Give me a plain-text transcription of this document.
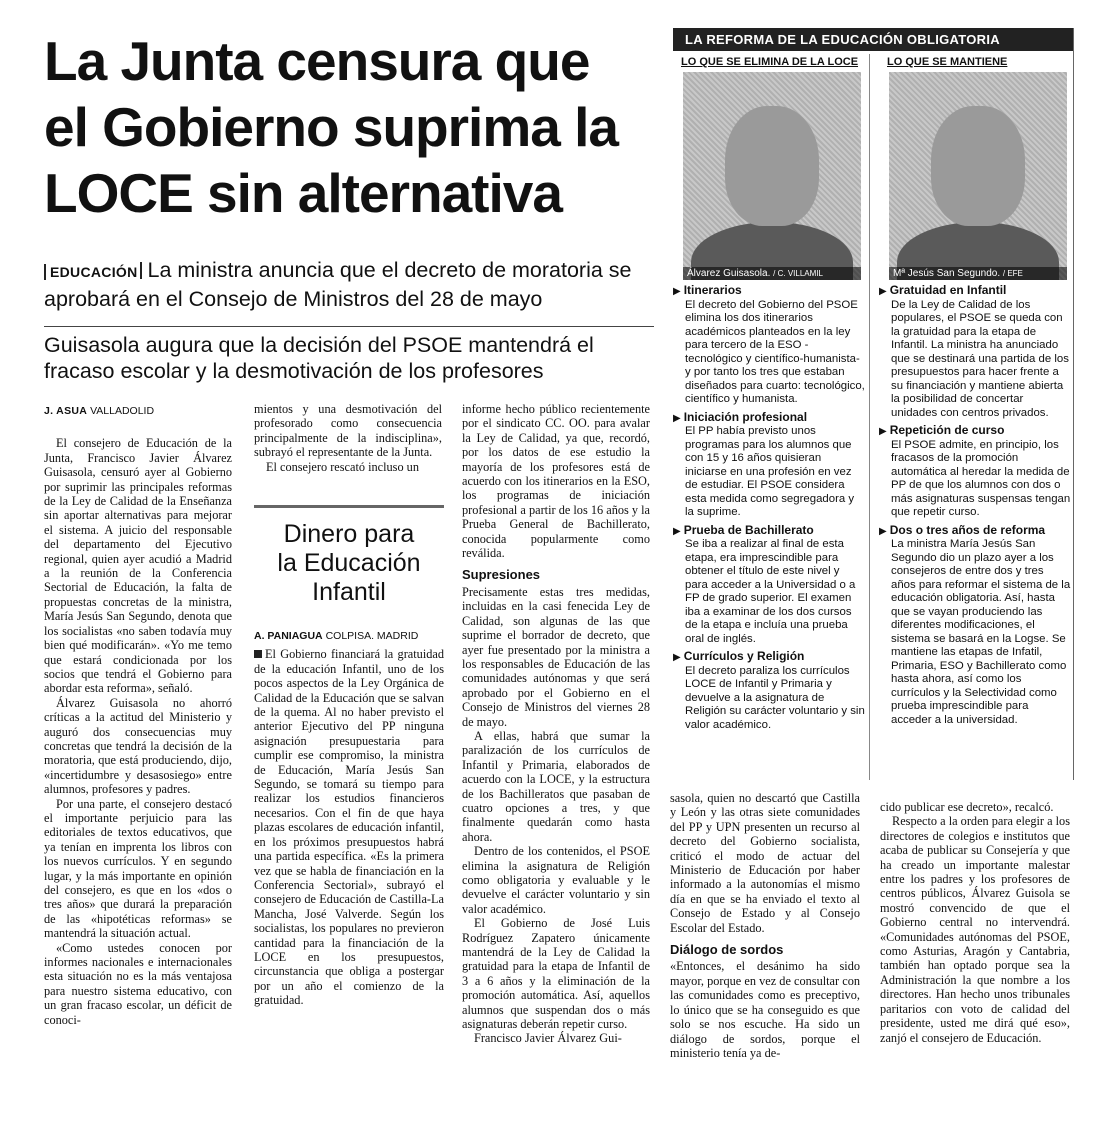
La Junta censura que
el Gobierno suprima la
LOCE sin alternativa
EDUCACIÓN La ministra anuncia que el decreto de moratoria se aprobará en el Consejo de Ministros del 28 de mayo
Guisasola augura que la decisión del PSOE mantendrá el fracaso escolar y la desmotivación de los profesores
J. ASUA VALLADOLID

El consejero de Educación de la Junta, Francisco Javier Álvarez Guisasola, censuró ayer al Gobierno por suprimir las principales reformas de la Ley de Calidad de la Enseñanza sin aportar alternativas para mejorar el sistema. A juicio del responsable del departamento del Ejecutivo regional, quien ayer acudió a Madrid a la reunión de la Conferencia Sectorial de Educación, la falta de propuestas concretas de la ministra, María Jesús San Segundo, denota que los socialistas «no saben todavía muy bien qué modificarán». «Yo me temo que estará condicionada por los socios que tendrá el Gobierno para abordar esta reforma», señaló.

Álvarez Guisasola no ahorró críticas a la actitud del Ministerio y auguró dos consecuencias muy concretas que tendrá la decisión de la moratoria, que está produciendo, dijo, «incertidumbre y desasosiego» entre alumnos, profesores y padres.

Por una parte, el consejero destacó el importante perjuicio para las editoriales de textos educativos, que ya tenían en imprenta los libros con los nuevos currículos. Y en segundo lugar, y la más importante en opinión del consejero, es que en los «dos o tres años» que durará la preparación de las «hipotéticas reformas» se mantendrá la situación actual.

«Como ustedes conocen por informes nacionales e internacionales esta situación no es la más ventajosa para nuestro sistema educativo, con un gran fracaso escolar, un déficit de conoci-

mientos y una desmotivación del profesorado como consecuencia principalmente de la indisciplina», subrayó el representante de la Junta.

El consejero rescató incluso un

Dinero para
la Educación
Infantil
A. PANIAGUA COLPISA. MADRID

El Gobierno financiará la gratuidad de la educación Infantil, uno de los pocos aspectos de la Ley Orgánica de Calidad de la Educación que se salvan de la quema. Al no haber previsto el anterior Ejecutivo del PP ninguna asignación presupuestaria para cumplir ese compromiso, la ministra de Educación, María Jesús San Segundo, se tomará su tiempo para realizar los estudios financieros necesarios. Con el fin de que haya plazas escolares de educación infantil, en los próximos presupuestos habrá una partida específica. «Es la primera vez que se habla de financiación en la Conferencia Sectorial», subrayó el consejero de Educación de Castilla-La Mancha, José Valverde. Según los socialistas, los populares no previeron cantidad para la financiación de la LOCE en los presupuestos, circunstancia que obliga a postergar por un año el comienzo de la gratuidad.

informe hecho público recientemente por el sindicato CC. OO. para avalar la Ley de Calidad, ya que, recordó, por los datos de ese estudio la mayoría de los profesores está de acuerdo con los itinerarios en la ESO, los programas de iniciación profesional a partir de los 16 años y la Prueba General de Bachillerato, conocida popularmente como reválida.

Supresiones

Precisamente estas tres medidas, incluidas en la casi fenecida Ley de Calidad, son algunas de las que suprime el borrador de decreto, que ayer fue presentado por la ministra a los responsables de Educación de las comunidades autónomas y que será aprobado por el Gobierno en el Consejo de Ministros del viernes 28 de mayo.

A ellas, habrá que sumar la paralización de los currículos de Infantil y Primaria, elaborados de acuerdo con la LOCE, y la estructura de los Bachilleratos que pasaban de cuatro opciones a tres, y que finalmente quedarán como hasta ahora.

Dentro de los contenidos, el PSOE elimina la asignatura de Religión como obligatoria y evaluable y le devuelve el carácter voluntario y sin valor académico.

El Gobierno de José Luis Rodríguez Zapatero únicamente mantendrá de la Ley de Calidad la gratuidad para la etapa de Infantil de 3 a 6 años y la eliminación de la promoción automática. Así, aquellos alumnos que suspendan dos o más asignaturas deberán repetir curso.

Francisco Javier Álvarez Gui-

sasola, quien no descartó que Castilla y León y las otras siete comunidades del PP y UPN presenten un recurso al decreto del Gobierno socialista, criticó el modo de actuar del Ministerio de Educación por haber informado a la autonomías el mismo día en que se ha enviado el texto al Consejo de Estado y al Consejo Escolar del Estado.

Diálogo de sordos

«Entonces, el desánimo ha sido mayor, porque en vez de consultar con las comunidades como es preceptivo, lo único que se ha conseguido es que solo se nos escuche. Ha sido un diálogo de sordos, porque el ministerio tenía ya de-

cido publicar ese decreto», recalcó.

Respecto a la orden para elegir a los directores de colegios e institutos que acaba de publicar su Consejería y que ha creado un importante malestar entre los padres y los profesores de centros públicos, Álvarez Guisola se mostró convencido de que el Gobierno central no intervendrá. «Comunidades autónomas del PSOE, como Asturias, Aragón y Cantabria, también han optado porque sea la Administración la que nombre a los directores. Han hecho unos tribunales paritarios con voto de calidad del presidente, usted me dirá qué eso», zanjó el consejero de Educación.

LA REFORMA DE LA EDUCACIÓN OBLIGATORIA
LO QUE SE ELIMINA DE LA LOCE
Álvarez Guisasola. / C. VILLAMIL
▶ Itinerarios
El decreto del Gobierno del PSOE elimina los dos itinerarios académicos planteados en la ley para tercero de la ESO -tecnológico y científico-humanista- y por tanto los tres que estaban diseñados para cuarto: tecnológico, científico y humanista.
▶ Iniciación profesional
El PP había previsto unos programas para los alumnos que con 15 y 16 años quisieran iniciarse en una profesión en vez de estudiar. El PSOE considera esta medida como segregadora y la suprime.
▶ Prueba de Bachillerato
Se iba a realizar al final de esta etapa, era imprescindible para obtener el título de este nivel y para acceder a la Universidad o a FP de grado superior. El examen iba a examinar de los dos cursos de la etapa e incluía una prueba oral de inglés.
▶ Currículos y Religión
El decreto paraliza los currículos LOCE de Infantil y Primaria y devuelve a la asignatura de Religión su carácter voluntario y sin valor académico.
LO QUE SE MANTIENE
Mª Jesús San Segundo. / EFE
▶ Gratuidad en Infantil
De la Ley de Calidad de los populares, el PSOE se queda con la gratuidad para la etapa de Infantil. La ministra ha anunciado que se destinará una partida de los presupuestos para hacer frente a su financiación y mantiene abierta la posibilidad de concertar unidades con centros privados.
▶ Repetición de curso
El PSOE admite, en principio, los fracasos de la promoción automática al heredar la medida de PP de que los alumnos con dos o más asignaturas suspensas tengan que repetir curso.
▶ Dos o tres años de reforma
La ministra María Jesús San Segundo dio un plazo ayer a los consejeros de entre dos y tres años para reformar el sistema de la educación obligatoria. Así, hasta que se vayan produciendo las diferentes modificaciones, el sistema se basará en la Logse. Se mantiene las etapas de Infatil, Primaria, ESO y Bachillerato como hasta ahora, así como los currículos y la Selectividad como prueba imprescindible para acceder a la universidad.
